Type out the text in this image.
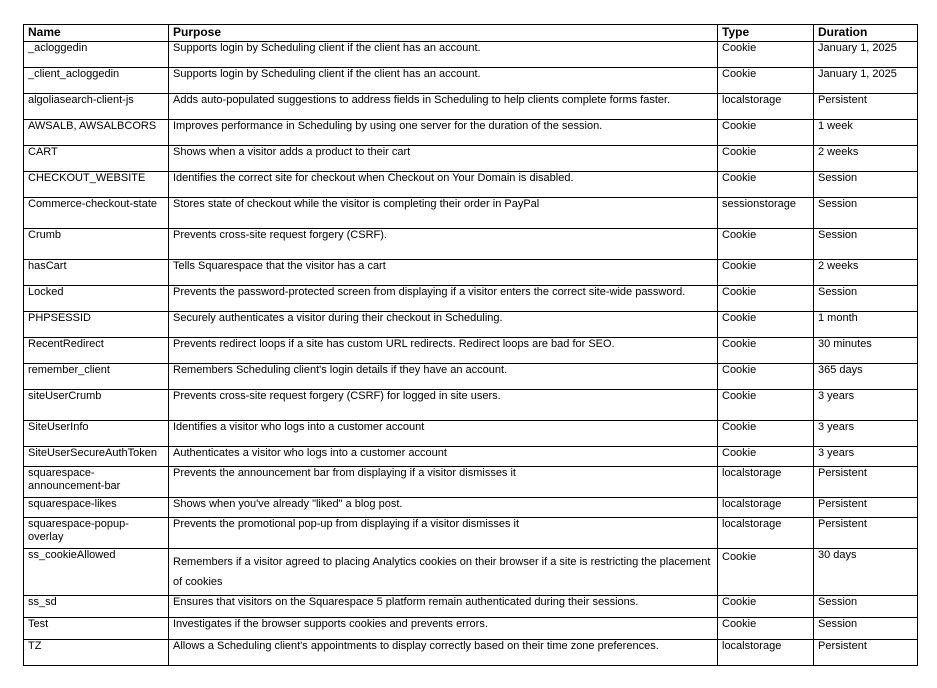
Name	Purpose	Type	Duration
_acloggedin	Supports login by Scheduling client if the client has an account.	Cookie	January 1, 2025
_client_acloggedin	Supports login by Scheduling client if the client has an account.	Cookie	January 1, 2025
algoliasearch-client-js	Adds auto-populated suggestions to address fields in Scheduling to help clients complete forms faster.	localstorage	Persistent
AWSALB, AWSALBCORS	Improves performance in Scheduling by using one server for the duration of the session.	Cookie	1 week
CART	Shows when a visitor adds a product to their cart	Cookie	2 weeks
CHECKOUT_WEBSITE	Identifies the correct site for checkout when Checkout on Your Domain is disabled.	Cookie	Session
Commerce-checkout-state	Stores state of checkout while the visitor is completing their order in PayPal	sessionstorage	Session
Crumb	Prevents cross-site request forgery (CSRF).	Cookie	Session
hasCart	Tells Squarespace that the visitor has a cart	Cookie	2 weeks
Locked	Prevents the password-protected screen from displaying if a visitor enters the correct site-wide password.	Cookie	Session
PHPSESSID	Securely authenticates a visitor during their checkout in Scheduling.	Cookie	1 month
RecentRedirect	Prevents redirect loops if a site has custom URL redirects. Redirect loops are bad for SEO.	Cookie	30 minutes
remember_client	Remembers Scheduling client's login details if they have an account.	Cookie	365 days
siteUserCrumb	Prevents cross-site request forgery (CSRF) for logged in site users.	Cookie	3 years
SiteUserInfo	Identifies a visitor who logs into a customer account	Cookie	3 years
SiteUserSecureAuthToken	Authenticates a visitor who logs into a customer account	Cookie	3 years
squarespace-announcement-bar	Prevents the announcement bar from displaying if a visitor dismisses it	localstorage	Persistent
squarespace-likes	Shows when you've already "liked" a blog post.	localstorage	Persistent
squarespace-popup-overlay	Prevents the promotional pop-up from displaying if a visitor dismisses it	localstorage	Persistent
ss_cookieAllowed	Remembers if a visitor agreed to placing Analytics cookies on their browser if a site is restricting the placement of cookies	Cookie	30 days
ss_sd	Ensures that visitors on the Squarespace 5 platform remain authenticated during their sessions.	Cookie	Session
Test	Investigates if the browser supports cookies and prevents errors.	Cookie	Session
TZ	Allows a Scheduling client's appointments to display correctly based on their time zone preferences.	localstorage	Persistent
